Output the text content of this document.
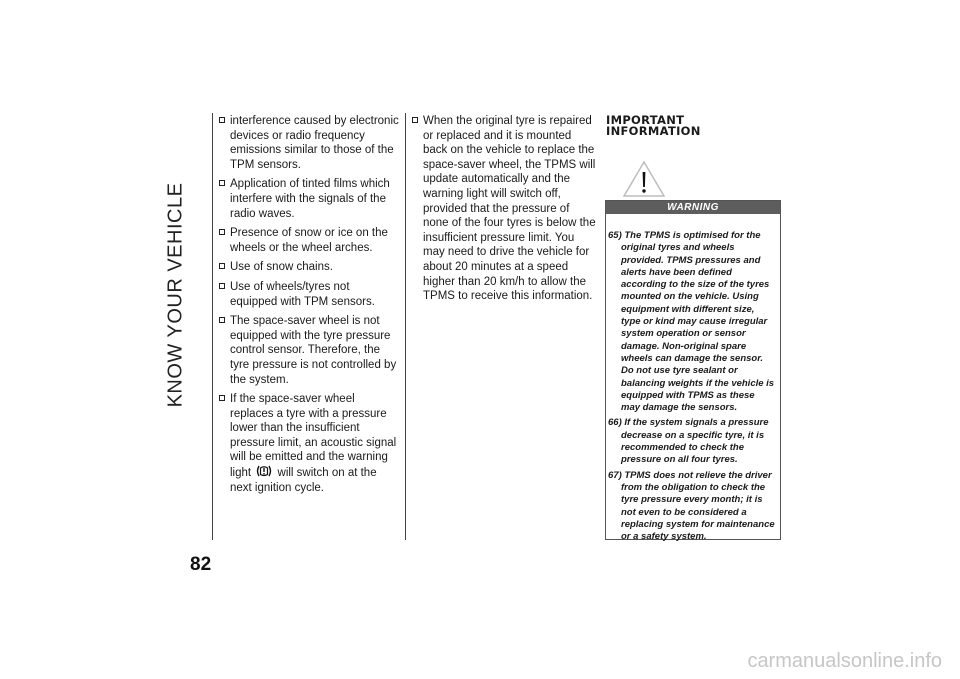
KNOW YOUR VEHICLE
82
interference caused by electronic devices or radio frequency emissions similar to those of the TPM sensors.
Application of tinted films which interfere with the signals of the radio waves.
Presence of snow or ice on the wheels or the wheel arches.
Use of snow chains.
Use of wheels/tyres not equipped with TPM sensors.
The space-saver wheel is not equipped with the tyre pressure control sensor. Therefore, the tyre pressure is not controlled by the system.
If the space-saver wheel replaces a tyre with a pressure lower than the insufficient pressure limit, an acoustic signal will be emitted and the warning light will switch on at the next ignition cycle.
When the original tyre is repaired or replaced and it is mounted back on the vehicle to replace the space-saver wheel, the TPMS will update automatically and the warning light will switch off, provided that the pressure of none of the four tyres is below the insufficient pressure limit. You may need to drive the vehicle for about 20 minutes at a speed higher than 20 km/h to allow the TPMS to receive this information.
IMPORTANT INFORMATION
WARNING

65) The TPMS is optimised for the original tyres and wheels provided. TPMS pressures and alerts have been defined according to the size of the tyres mounted on the vehicle. Using equipment with different size, type or kind may cause irregular system operation or sensor damage. Non-original spare wheels can damage the sensor. Do not use tyre sealant or balancing weights if the vehicle is equipped with TPMS as these may damage the sensors.

66) If the system signals a pressure decrease on a specific tyre, it is recommended to check the pressure on all four tyres.

67) TPMS does not relieve the driver from the obligation to check the tyre pressure every month; it is not even to be considered a replacing system for maintenance or a safety system.

carmanualsonline.info
